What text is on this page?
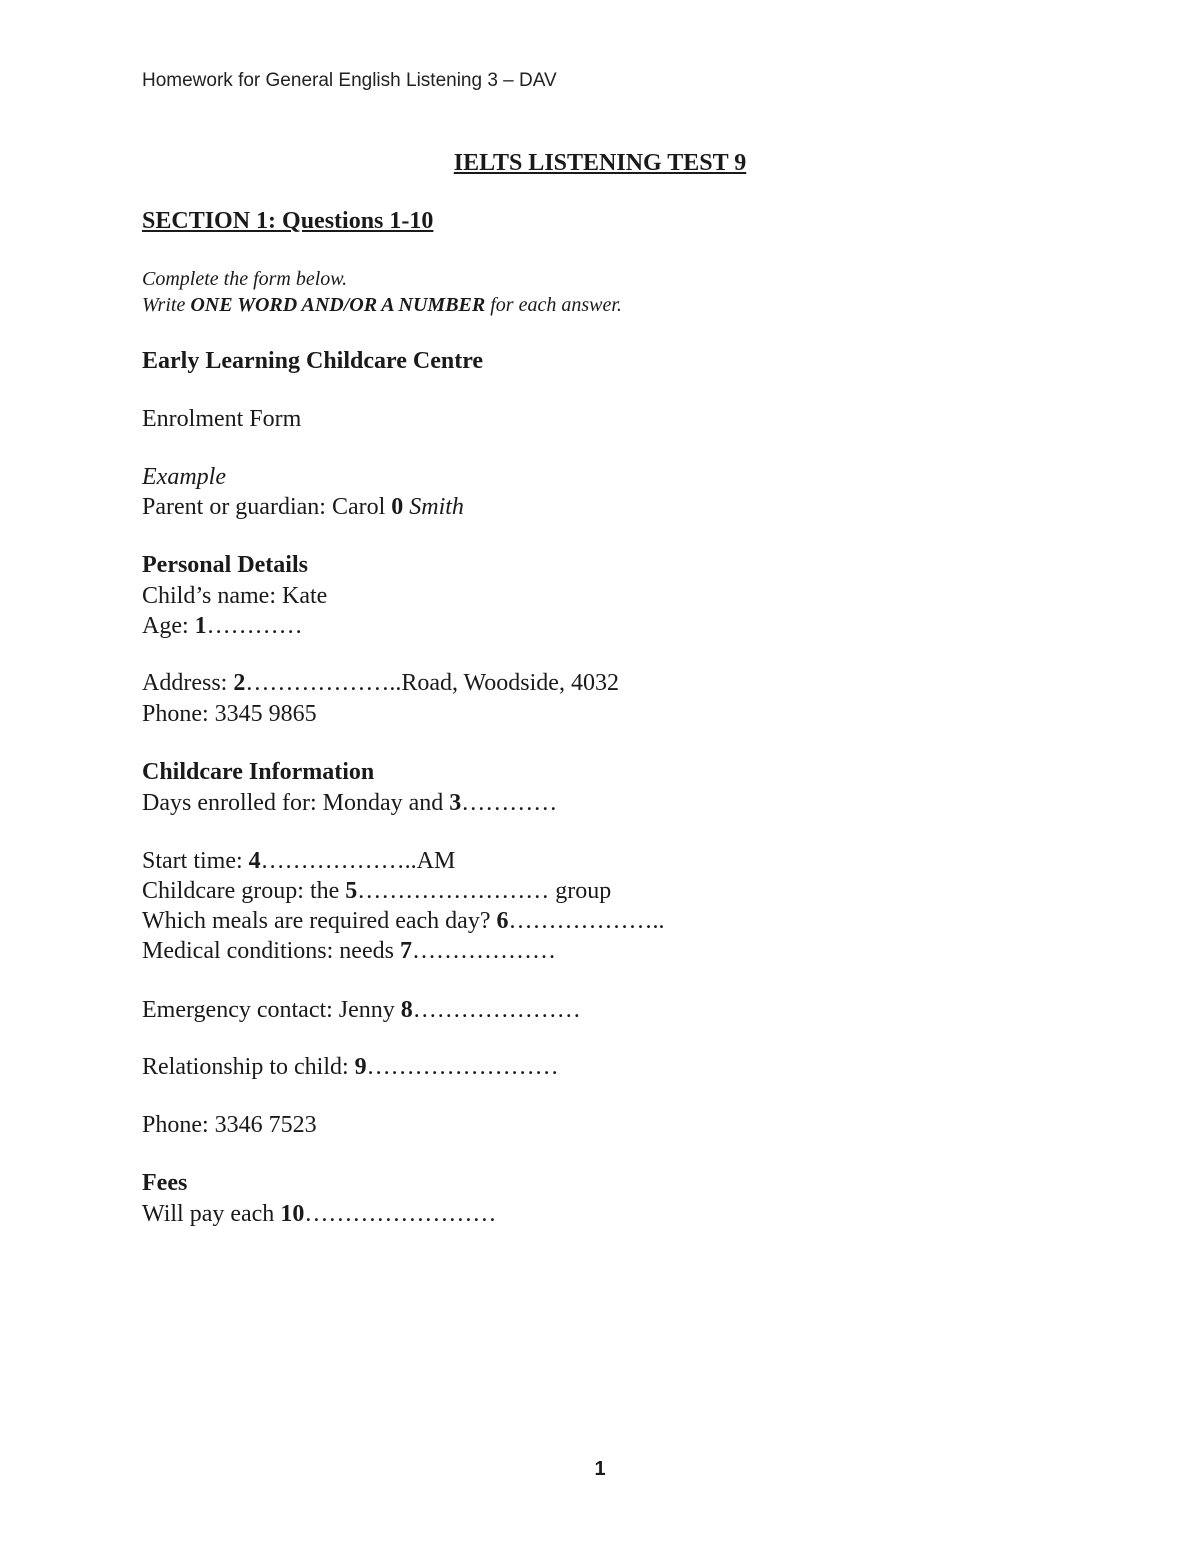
Homework for General English Listening 3 – DAV
IELTS LISTENING TEST 9
SECTION 1: Questions 1-10
Complete the form below.
Write ONE WORD AND/OR A NUMBER for each answer.
Early Learning Childcare Centre
Enrolment Form
Example
Parent or guardian: Carol 0 Smith
Personal Details
Child’s name: Kate
Age: 1…………
Address: 2………………..Road, Woodside, 4032
Phone: 3345 9865
Childcare Information
Days enrolled for: Monday and 3…………
Start time: 4………………..AM
Childcare group: the 5…………………… group
Which meals are required each day? 6………………..
Medical conditions: needs 7………………
Emergency contact: Jenny 8…………………
Relationship to child: 9……………………
Phone: 3346 7523
Fees
Will pay each 10……………………
1
